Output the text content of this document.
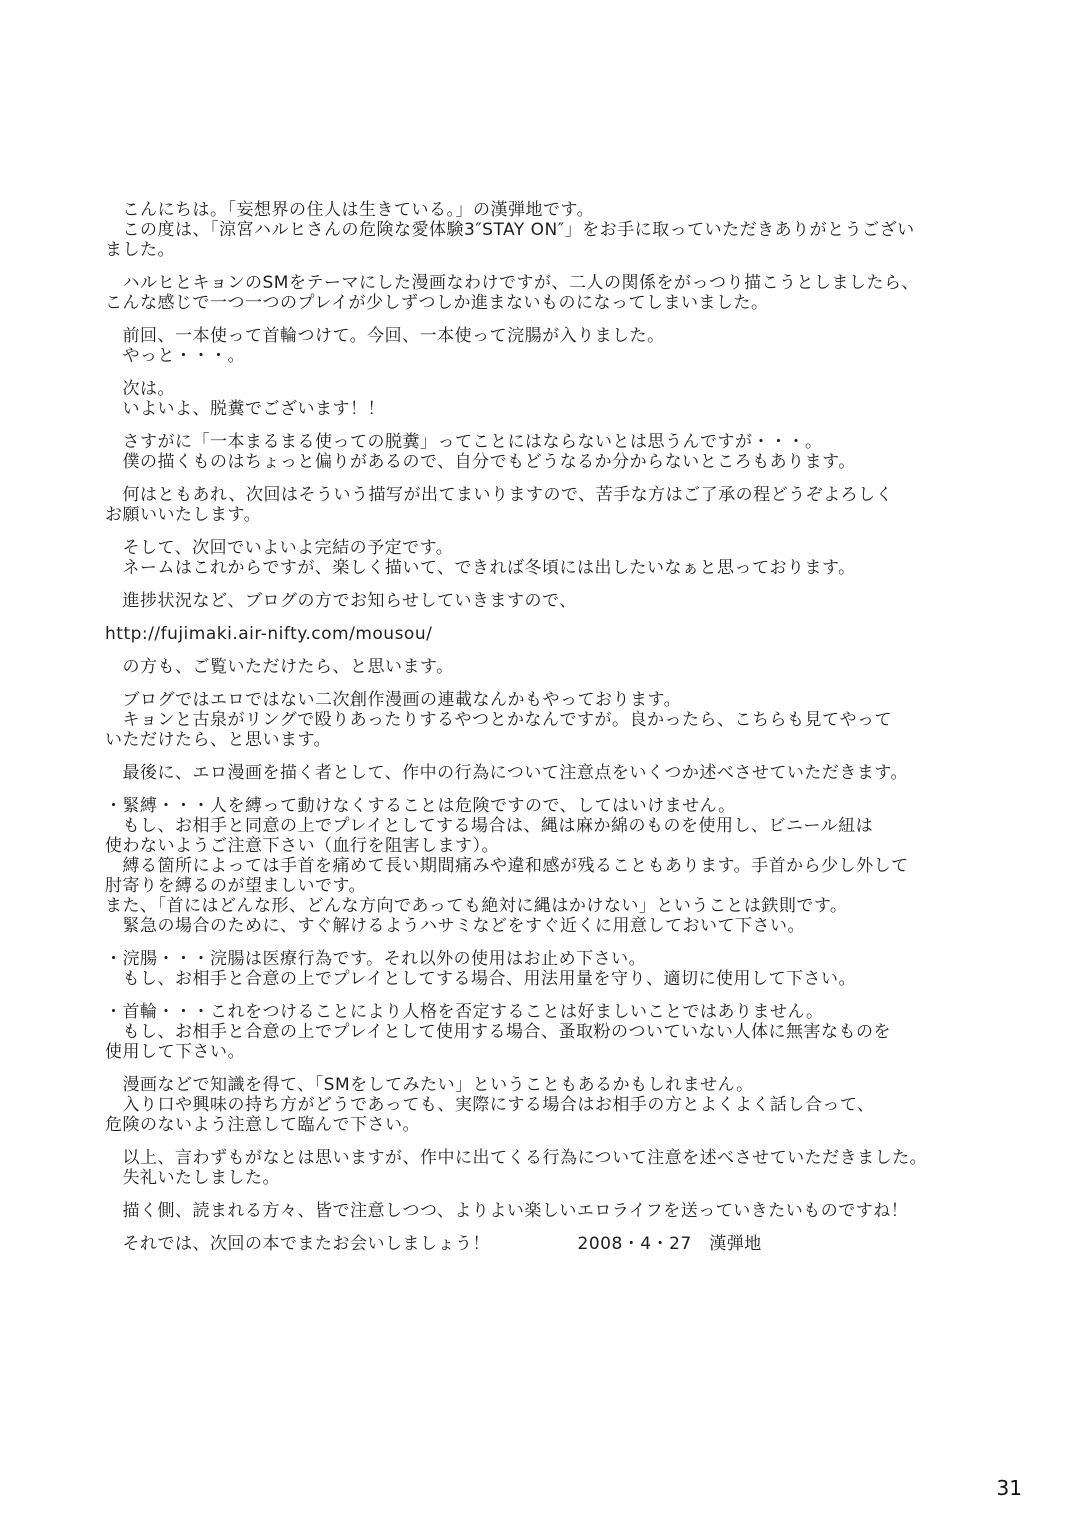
　こんにちは。「妄想界の住人は生きている。」の漢弾地です。
　この度は、「涼宮ハルヒさんの危険な愛体験3″STAY ON″」をお手に取っていただきありがとうござい
ました。
　ハルヒとキョンのSMをテーマにした漫画なわけですが、二人の関係をがっつり描こうとしましたら、
こんな感じで一つ一つのプレイが少しずつしか進まないものになってしまいました。
　前回、一本使って首輪つけて。今回、一本使って浣腸が入りました。
　やっと・・・。
　次は。
　いよいよ、脱糞でございます！！
　さすがに「一本まるまる使っての脱糞」ってことにはならないとは思うんですが・・・。
　僕の描くものはちょっと偏りがあるので、自分でもどうなるか分からないところもあります。
　何はともあれ、次回はそういう描写が出てまいりますので、苦手な方はご了承の程どうぞよろしく
お願いいたします。
　そして、次回でいよいよ完結の予定です。
　ネームはこれからですが、楽しく描いて、できれば冬頃には出したいなぁと思っております。
　進捗状況など、ブログの方でお知らせしていきますので、
http://fujimaki.air-nifty.com/mousou/
　の方も、ご覧いただけたら、と思います。
　ブログではエロではない二次創作漫画の連載なんかもやっております。
　キョンと古泉がリングで殴りあったりするやつとかなんですが。良かったら、こちらも見てやって
いただけたら、と思います。
　最後に、エロ漫画を描く者として、作中の行為について注意点をいくつか述べさせていただきます。
・緊縛・・・人を縛って動けなくすることは危険ですので、してはいけません。
　もし、お相手と同意の上でプレイとしてする場合は、縄は麻か綿のものを使用し、ビニール紐は
使わないようご注意下さい（血行を阻害します）。
　縛る箇所によっては手首を痛めて長い期間痛みや違和感が残ることもあります。手首から少し外して
肘寄りを縛るのが望ましいです。
また、「首にはどんな形、どんな方向であっても絶対に縄はかけない」ということは鉄則です。
　緊急の場合のために、すぐ解けるようハサミなどをすぐ近くに用意しておいて下さい。
・浣腸・・・浣腸は医療行為です。それ以外の使用はお止め下さい。
　もし、お相手と合意の上でプレイとしてする場合、用法用量を守り、適切に使用して下さい。
・首輪・・・これをつけることにより人格を否定することは好ましいことではありません。
　もし、お相手と合意の上でプレイとして使用する場合、蚤取粉のついていない人体に無害なものを
使用して下さい。
　漫画などで知識を得て、「SMをしてみたい」ということもあるかもしれません。
　入り口や興味の持ち方がどうであっても、実際にする場合はお相手の方とよくよく話し合って、
危険のないよう注意して臨んで下さい。
　以上、言わずもがなとは思いますが、作中に出てくる行為について注意を述べさせていただきました。
　失礼いたしました。
　描く側、読まれる方々、皆で注意しつつ、よりよい楽しいエロライフを送っていきたいものですね！
　それでは、次回の本でまたお会いしましょう！　　　　　2008・4・27　漢弾地
31
